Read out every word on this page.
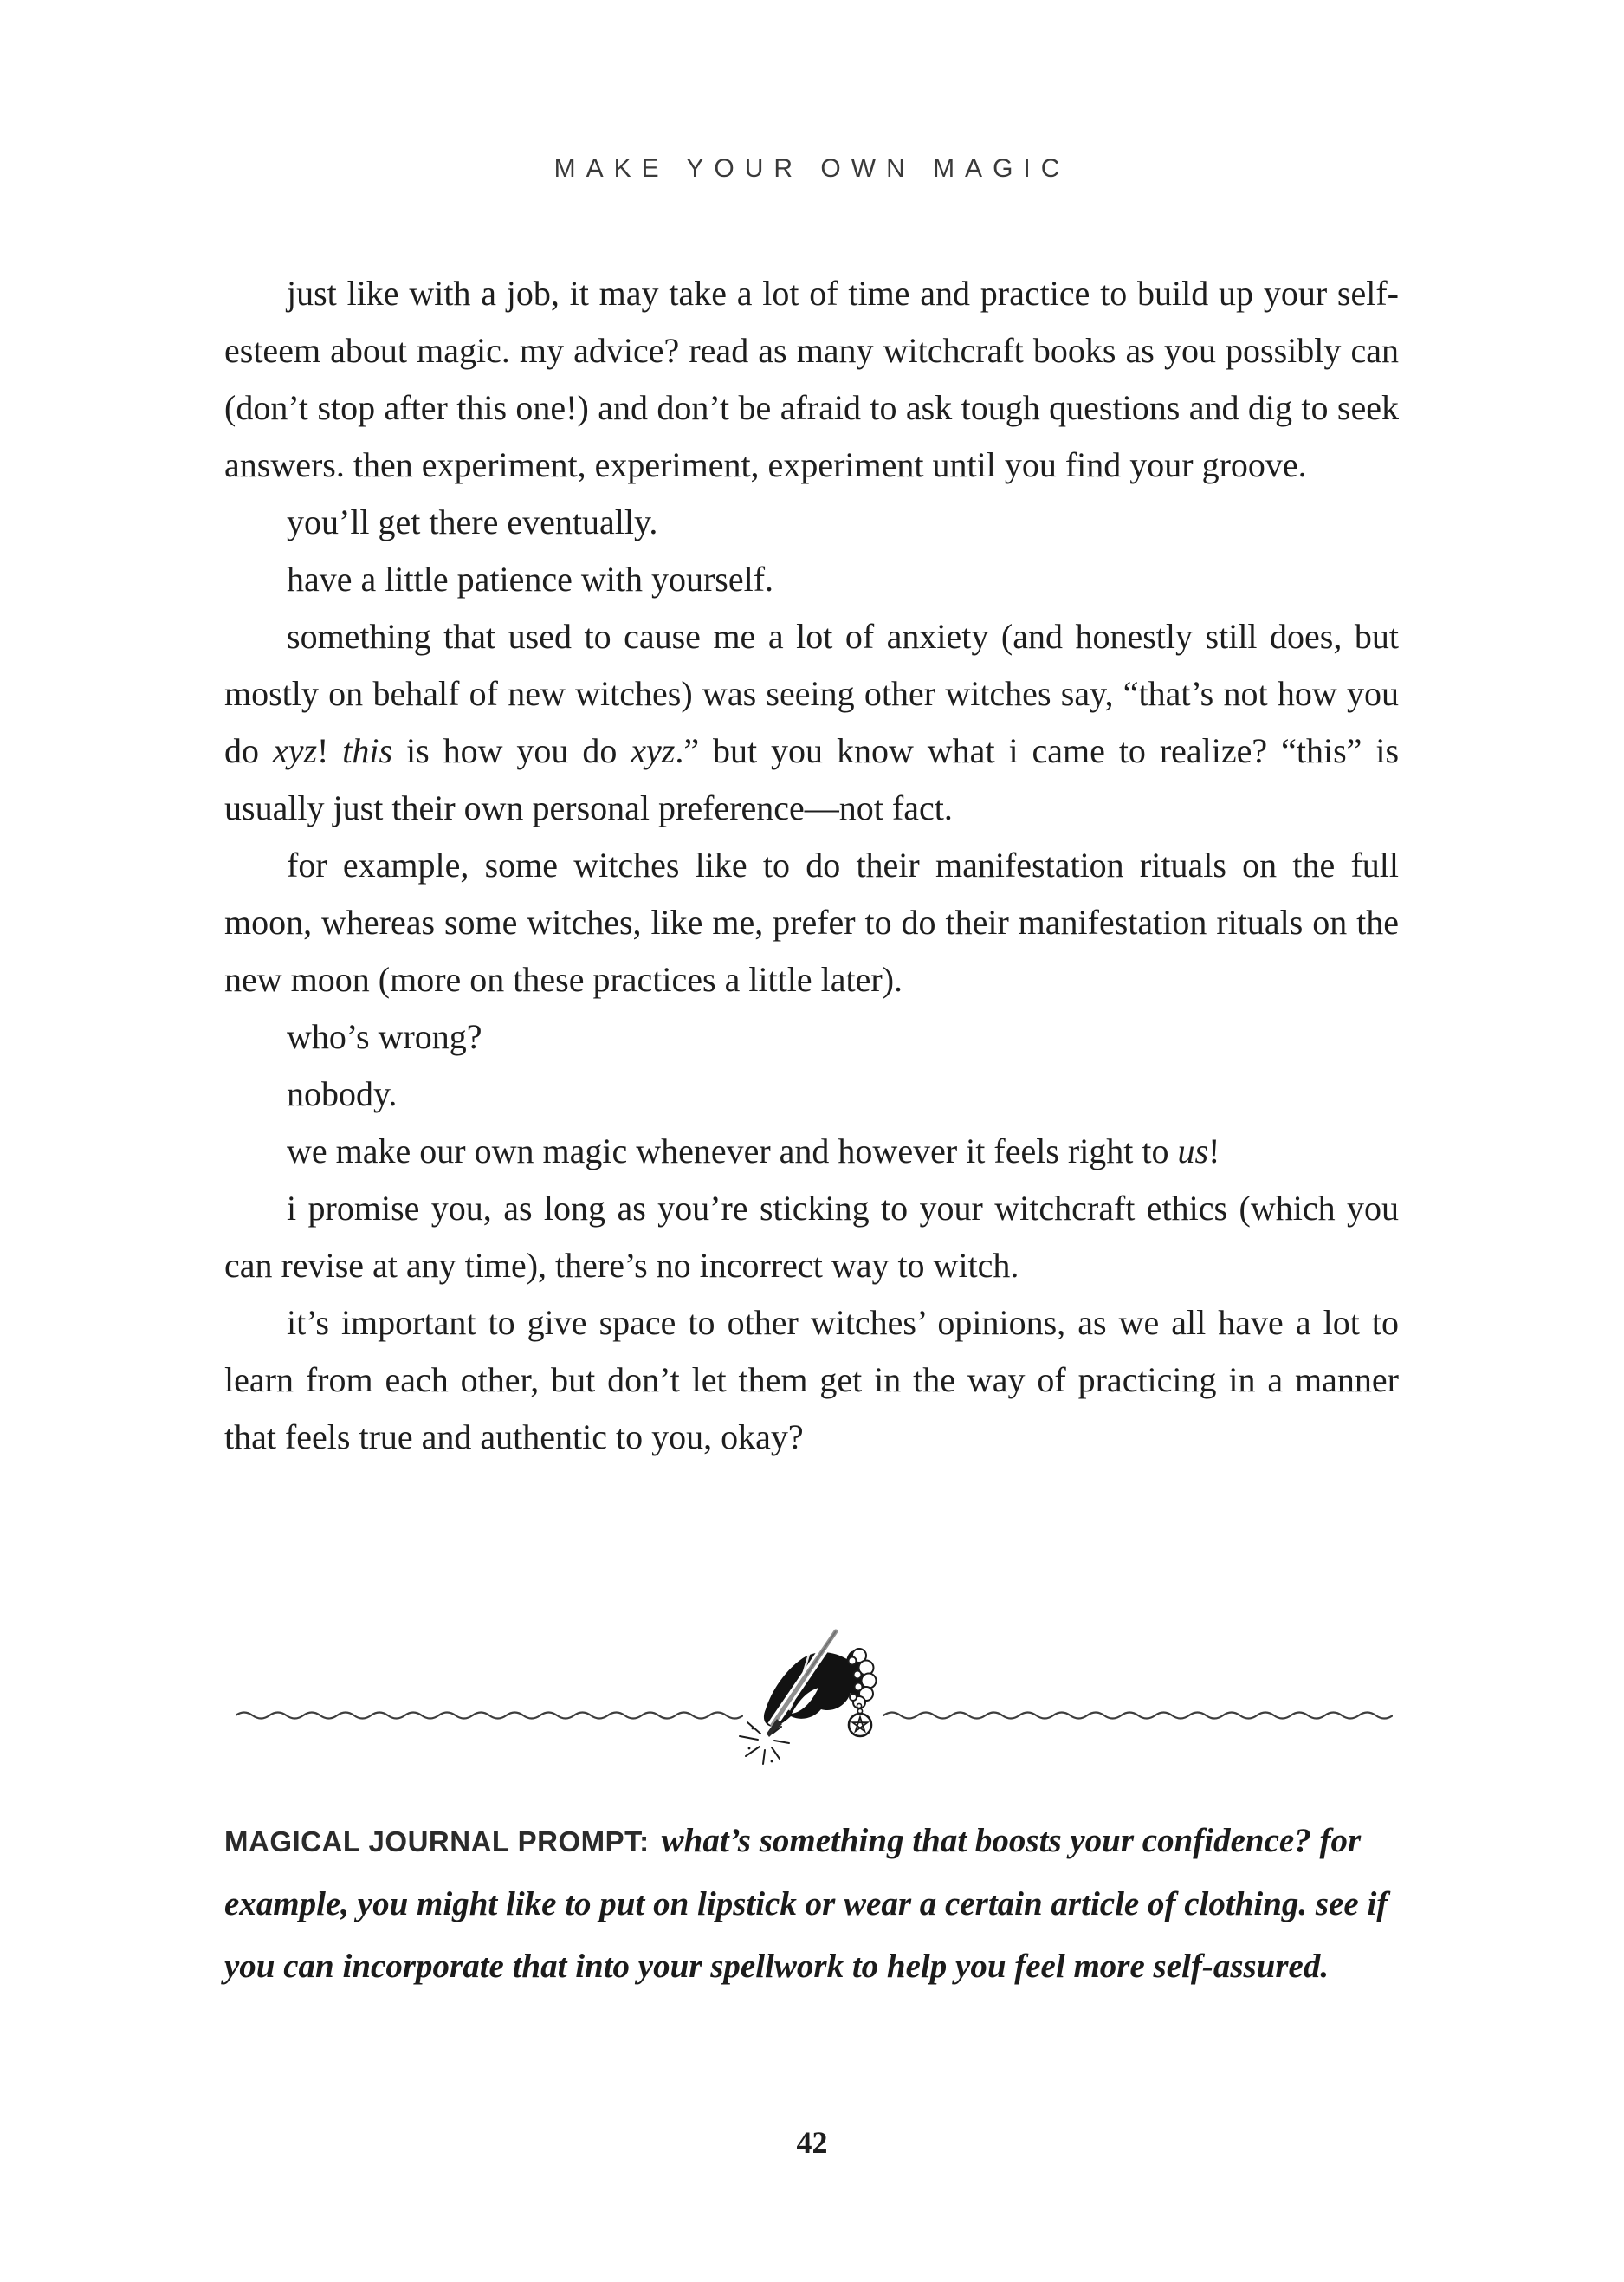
MAKE YOUR OWN MAGIC

just like with a job, it may take a lot of time and practice to build up your self-esteem about magic. my advice? read as many witchcraft books as you possibly can (don’t stop after this one!) and don’t be afraid to ask tough questions and dig to seek answers. then experiment, experiment, experiment until you find your groove.

you’ll get there eventually.

have a little patience with yourself.

something that used to cause me a lot of anxiety (and honestly still does, but mostly on behalf of new witches) was seeing other witches say, “that’s not how you do xyz! this is how you do xyz.” but you know what i came to realize? “this” is usually just their own personal preference—not fact.

for example, some witches like to do their manifestation rituals on the full moon, whereas some witches, like me, prefer to do their manifestation rituals on the new moon (more on these practices a little later).

who’s wrong?

nobody.

we make our own magic whenever and however it feels right to us!

i promise you, as long as you’re sticking to your witchcraft ethics (which you can revise at any time), there’s no incorrect way to witch.

it’s important to give space to other witches’ opinions, as we all have a lot to learn from each other, but don’t let them get in the way of practicing in a manner that feels true and authentic to you, okay?

MAGICAL JOURNAL PROMPT: what’s something that boosts your confidence? for example, you might like to put on lipstick or wear a certain article of clothing. see if you can incorporate that into your spellwork to help you feel more self-assured.

42
